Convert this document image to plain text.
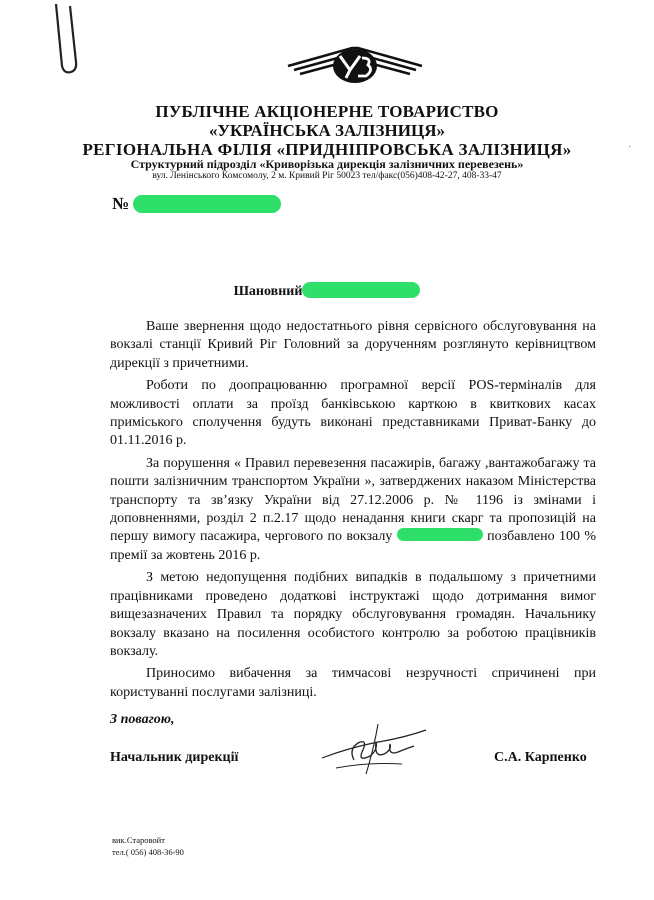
ПУБЛІЧНЕ АКЦІОНЕРНЕ ТОВАРИСТВО
«УКРАЇНСЬКА ЗАЛІЗНИЦЯ»
РЕГІОНАЛЬНА ФІЛІЯ «ПРИДНІПРОВСЬКА ЗАЛІЗНИЦЯ»
Структурний підрозділ «Криворізька дирекція залізничних перевезень»
вул. Ленінського Комсомолу, 2 м. Кривий Ріг 50023 тел/факс(056)408-42-27, 408-33-47
·
№
Шановний

Ваше звернення щодо недостатнього рівня сервісного обслуговування на вокзалі станції Кривий Ріг Головний за дорученням розглянуто керівництвом дирекції з причетними.

Роботи по доопрацюванню програмної версії POS-терміналів для можливості оплати за проїзд банківською карткою в квиткових касах приміського сполучення будуть виконані представниками Приват-Банку до 01.11.2016 р.

За порушення « Правил перевезення пасажирів, багажу ,вантажобагажу та пошти залізничним транспортом України », затверджених наказом Міністерства транспорту та зв’язку України від 27.12.2006 р. № 1196 із змінами і доповненнями, розділ 2 п.2.17 щодо ненадання книги скарг та пропозицій на першу вимогу пасажира, чергового по вокзалу	позбавлено 100 % премії за жовтень 2016 р.

З метою недопущення подібних випадків в подальшому з причетними працівниками проведено додаткові інструктажі щодо дотримання вимог вищезазначених Правил та порядку обслуговування громадян. Начальнику вокзалу вказано на посилення особистого контролю за роботою працівників вокзалу.

Приносимо вибачення за тимчасові незручності спричинені при користуванні послугами залізниці.

З повагою,
Начальник дирекції	С.А. Карпенко
вик.Старовойт
тел.( 056) 408-36-90
